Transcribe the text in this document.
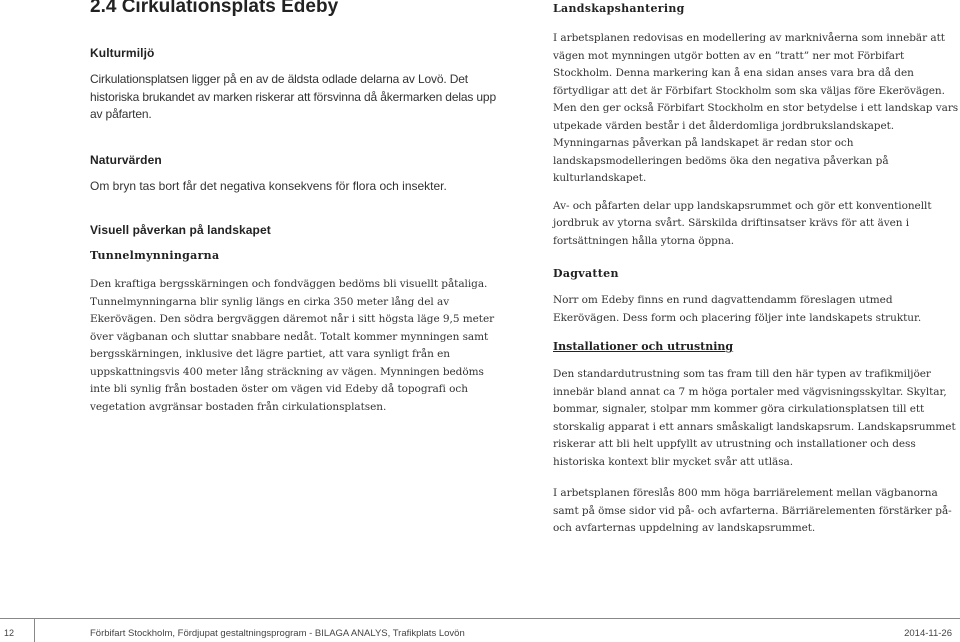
2.4 Cirkulationsplats Edeby

Kulturmiljö

Cirkulationsplatsen ligger på en av de äldsta odlade delarna av Lovö. Det historiska brukandet av marken riskerar att försvinna då åkermarken delas upp av påfarten.

Naturvärden

Om bryn tas bort får det negativa konsekvens för flora och insekter.

Visuell påverkan på landskapet

Tunnelmynningarna

Den kraftiga bergsskärningen och fondväggen bedöms bli visuellt påtaliga. Tunnelmynningarna blir synlig längs en cirka 350 meter lång del av Ekerövägen. Den södra bergväggen däremot når i sitt högsta läge 9,5 meter över vägbanan och sluttar snabbare nedåt. Totalt kommer mynningen samt bergsskärningen, inklusive det lägre partiet, att vara synligt från en uppskattningsvis 400 meter lång sträckning av vägen. Mynningen bedöms inte bli synlig från bostaden öster om vägen vid Edeby då topografi och vegetation avgränsar bostaden från cirkulationsplatsen.

Landskapshantering

I arbetsplanen redovisas en modellering av marknivåerna som innebär att vägen mot mynningen utgör botten av en ”tratt” ner mot Förbifart Stockholm. Denna markering kan å ena sidan anses vara bra då den förtydligar att det är Förbifart Stockholm som ska väljas före Ekerövägen. Men den ger också Förbifart Stockholm en stor betydelse i ett landskap vars utpekade värden består i det ålderdomliga jordbrukslandskapet. Mynningarnas påverkan på landskapet är redan stor och landskapsmodelleringen bedöms öka den negativa påverkan på kulturlandskapet.

Av- och påfarten delar upp landskapsrummet och gör ett konventionellt jordbruk av ytorna svårt. Särskilda driftinsatser krävs för att även i fortsättningen hålla ytorna öppna.

Dagvatten

Norr om Edeby finns en rund dagvattendamm föreslagen utmed Ekerövägen. Dess form och placering följer inte landskapets struktur.

Installationer och utrustning

Den standardutrustning som tas fram till den här typen av trafikmiljöer innebär bland annat ca 7 m höga portaler med vägvisningsskyltar. Skyltar, bommar, signaler, stolpar mm kommer göra cirkulationsplatsen till ett storskalig apparat i ett annars småskaligt landskapsrum. Landskapsrummet riskerar att bli helt uppfyllt av utrustning och installationer och dess historiska kontext blir mycket svår att utläsa.

I arbetsplanen föreslås 800 mm höga barriärelement mellan vägbanorna samt på ömse sidor vid på- och avfarterna. Bärriärelementen förstärker på- och avfarternas uppdelning av landskapsrummet.

12	Förbifart Stockholm, Fördjupat gestaltningsprogram - BILAGA ANALYS, Trafikplats Lovön	2014-11-26
